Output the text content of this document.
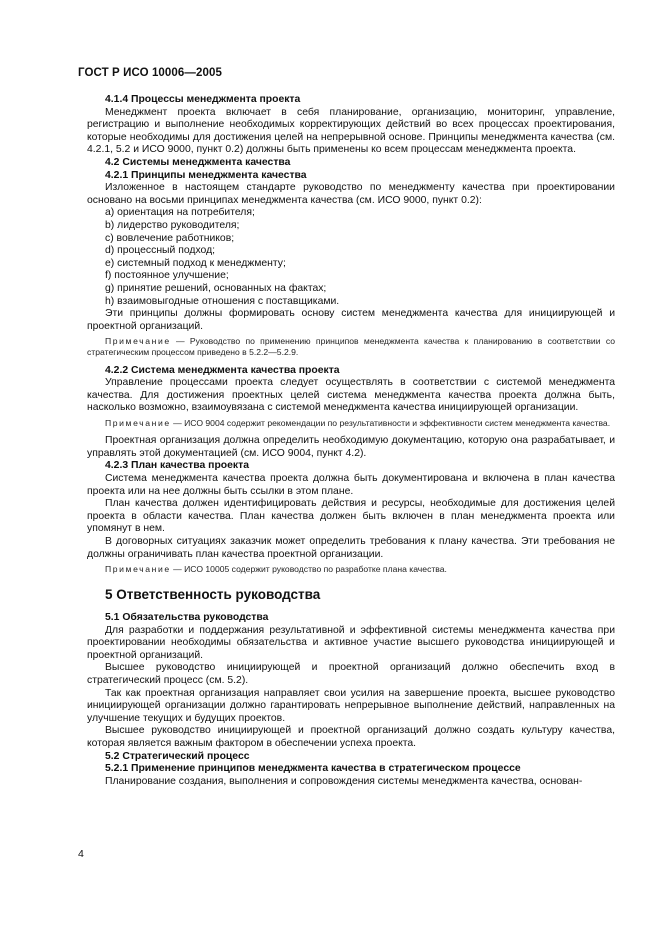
ГОСТ Р ИСО 10006—2005
4.1.4 Процессы менеджмента проекта
Менеджмент проекта включает в себя планирование, организацию, мониторинг, управление, регистрацию и выполнение необходимых корректирующих действий во всех процессах проектирования, которые необходимы для достижения целей на непрерывной основе. Принципы менеджмента качества (см. 4.2.1, 5.2 и ИСО 9000, пункт 0.2) должны быть применены ко всем процессам менеджмента проекта.
4.2 Системы менеджмента качества
4.2.1 Принципы менеджмента качества
Изложенное в настоящем стандарте руководство по менеджменту качества при проектировании основано на восьми принципах менеджмента качества (см. ИСО 9000, пункт 0.2):
a) ориентация на потребителя;
b) лидерство руководителя;
c) вовлечение работников;
d) процессный подход;
e) системный подход к менеджменту;
f) постоянное улучшение;
g) принятие решений, основанных на фактах;
h) взаимовыгодные отношения с поставщиками.
Эти принципы должны формировать основу систем менеджмента качества для инициирующей и проектной организаций.
Примечание — Руководство по применению принципов менеджмента качества к планированию в соответствии со стратегическим процессом приведено в 5.2.2—5.2.9.
4.2.2 Система менеджмента качества проекта
Управление процессами проекта следует осуществлять в соответствии с системой менеджмента качества. Для достижения проектных целей система менеджмента качества проекта должна быть, насколько возможно, взаимоувязана с системой менеджмента качества инициирующей организации.
Примечание — ИСО 9004 содержит рекомендации по результативности и эффективности систем менеджмента качества.
Проектная организация должна определить необходимую документацию, которую она разрабатывает, и управлять этой документацией (см. ИСО 9004, пункт 4.2).
4.2.3 План качества проекта
Система менеджмента качества проекта должна быть документирована и включена в план качества проекта или на нее должны быть ссылки в этом плане.
План качества должен идентифицировать действия и ресурсы, необходимые для достижения целей проекта в области качества. План качества должен быть включен в план менеджмента проекта или упомянут в нем.
В договорных ситуациях заказчик может определить требования к плану качества. Эти требования не должны ограничивать план качества проектной организации.
Примечание — ИСО 10005 содержит руководство по разработке плана качества.
5 Ответственность руководства
5.1 Обязательства руководства
Для разработки и поддержания результативной и эффективной системы менеджмента качества при проектировании необходимы обязательства и активное участие высшего руководства инициирующей и проектной организаций.
Высшее руководство инициирующей и проектной организаций должно обеспечить вход в стратегический процесс (см. 5.2).
Так как проектная организация направляет свои усилия на завершение проекта, высшее руководство инициирующей организации должно гарантировать непрерывное выполнение действий, направленных на улучшение текущих и будущих проектов.
Высшее руководство инициирующей и проектной организаций должно создать культуру качества, которая является важным фактором в обеспечении успеха проекта.
5.2 Стратегический процесс
5.2.1 Применение принципов менеджмента качества в стратегическом процессе
Планирование создания, выполнения и сопровождения системы менеджмента качества, основан-
4
